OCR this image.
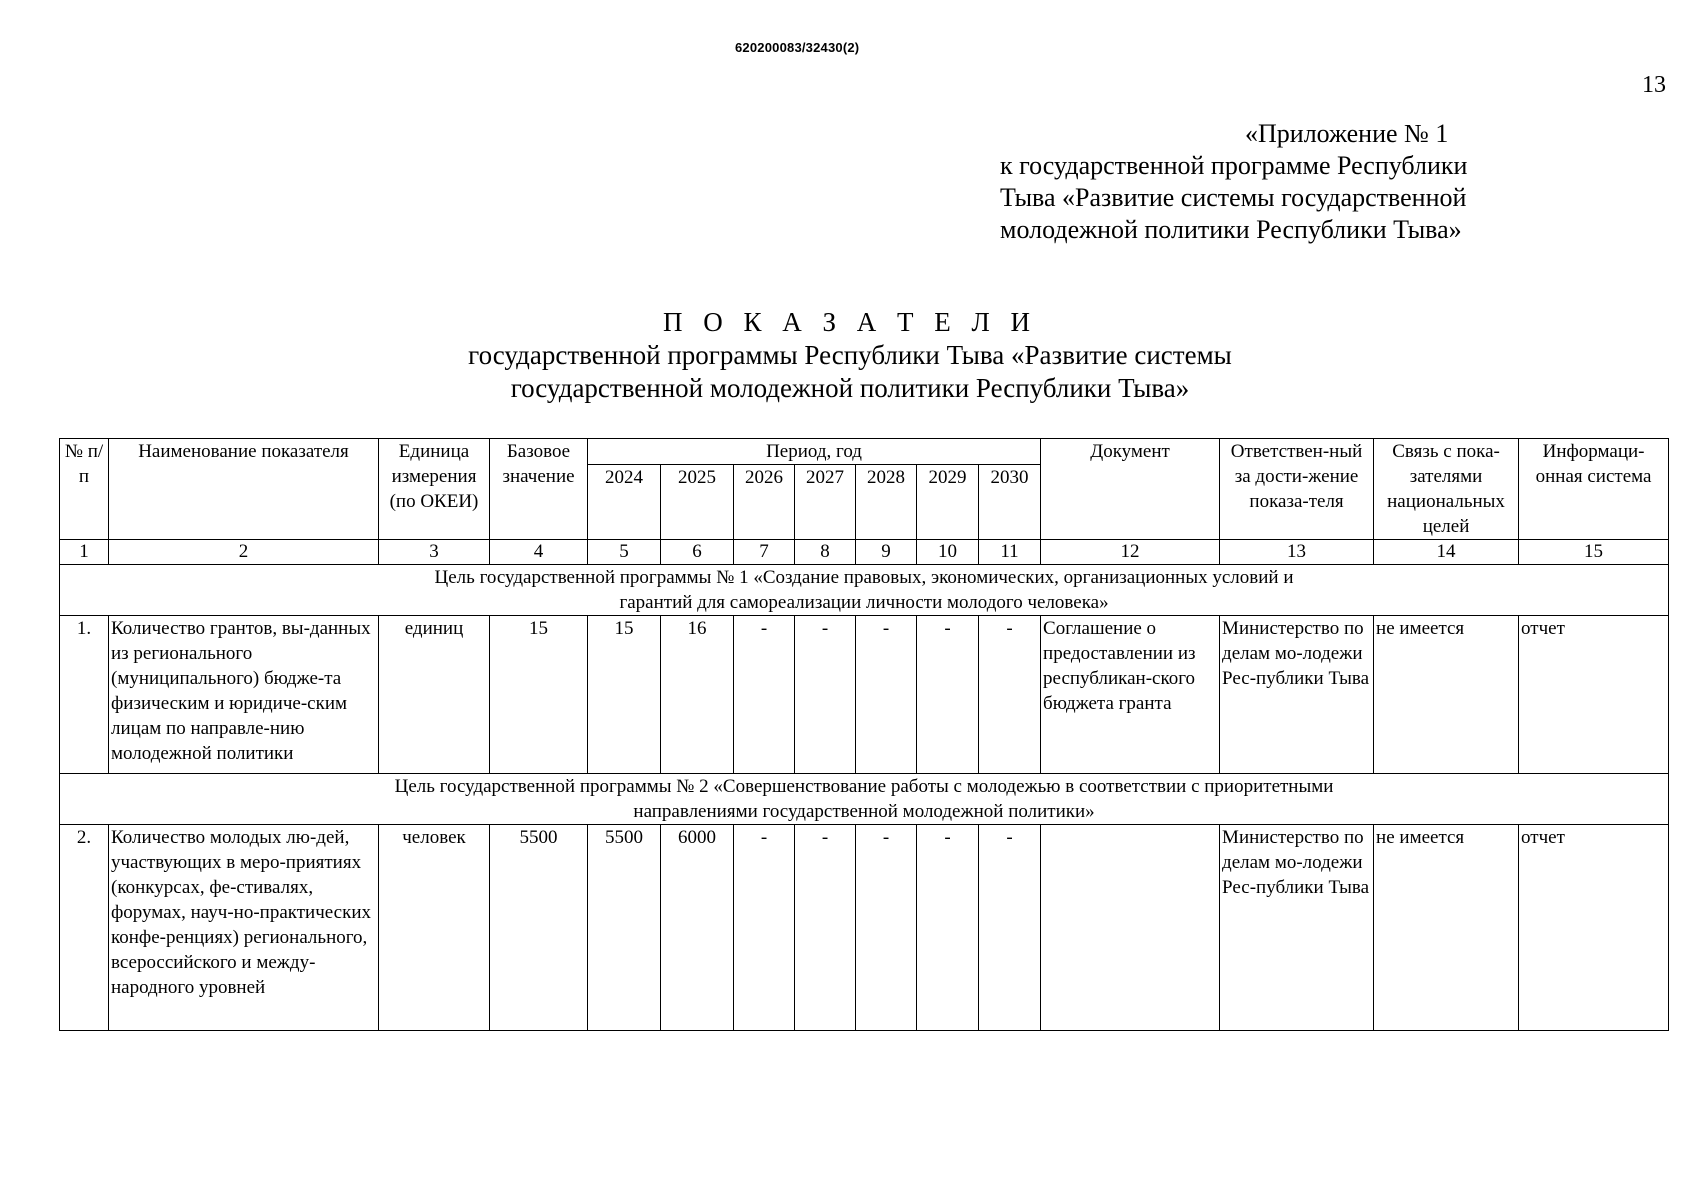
620200083/32430(2)
13
«Приложение № 1
к государственной программе Республики
Тыва «Развитие системы государственной
молодежной политики Республики Тыва»
П О К А З А Т Е Л И
государственной программы Республики Тыва «Развитие системы
государственной молодежной политики Республики Тыва»
№ п/п	Наименование показателя	Единица измерения (по ОКЕИ)	Базовое значение	Период, год							Документ	Ответствен-ный за дости-жение показа-теля	Связь с пока-зателями национальных целей	Информаци-онная система
				2024	2025	2026	2027	2028	2029	2030				
1	2	3	4	5	6	7	8	9	10	11	12	13	14	15

Цель государственной программы № 1 «Создание правовых, экономических, организационных условий и гарантий для самореализации личности молодого человека»														

1.	Количество грантов, вы-данных из регионального (муниципального) бюдже-та физическим и юридиче-ским лицам по направле-нию молодежной политики	единиц	15	15	16	-	-	-	-	-	Соглашение о предоставлении из республикан-ского бюджета гранта	Министерство по делам мо-лодежи Рес-публики Тыва	не имеется	отчет

Цель государственной программы № 2 «Совершенствование работы с молодежью в соответствии с приоритетными направлениями государственной молодежной политики»														

2.	Количество молодых лю-дей, участвующих в меро-приятиях (конкурсах, фе-стивалях, форумах, науч-но-практических конфе-ренциях) регионального, всероссийского и между-народного уровней	человек	5500	5500	6000	-	-	-	-	-		Министерство по делам мо-лодежи Рес-публики Тыва	не имеется	отчет
